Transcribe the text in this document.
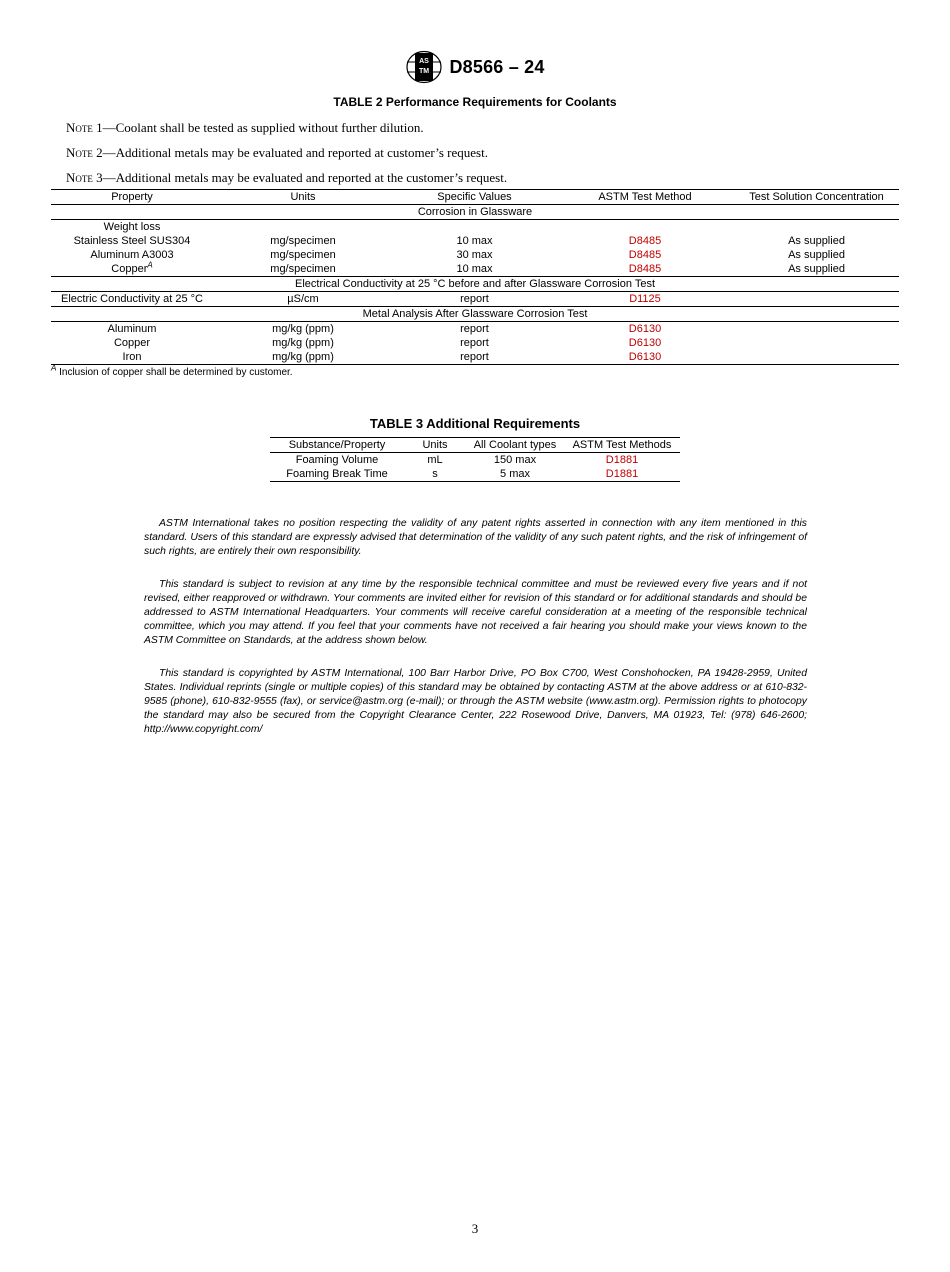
AS
TM D8566 – 24
TABLE 2 Performance Requirements for Coolants
Note 1—Coolant shall be tested as supplied without further dilution.
Note 2—Additional metals may be evaluated and reported at customer’s request.
Note 3—Additional metals may be evaluated and reported at the customer’s request.
Property	Units	Specific Values	ASTM Test Method	Test Solution Concentration
Corrosion in Glassware				
Weight loss				
Stainless Steel SUS304	mg/specimen	10 max	D8485	As supplied
Aluminum A3003	mg/specimen	30 max	D8485	As supplied
Copper$^A$	mg/specimen	10 max	D8485	As supplied
Electrical Conductivity at 25 °C before and after Glassware Corrosion Test				
Electric Conductivity at 25 °C	µS/cm	report	D1125	
Metal Analysis After Glassware Corrosion Test				
Aluminum	mg/kg (ppm)	report	D6130	
Copper	mg/kg (ppm)	report	D6130	
Iron	mg/kg (ppm)	report	D6130	
$^A$ Inclusion of copper shall be determined by customer.
TABLE 3 Additional Requirements
Substance/Property	Units	All Coolant types	ASTM Test Methods
Foaming Volume	mL	150 max	D1881
Foaming Break Time	s	5 max	D1881

ASTM International takes no position respecting the validity of any patent rights asserted in connection with any item mentioned in this standard. Users of this standard are expressly advised that determination of the validity of any such patent rights, and the risk of infringement of such rights, are entirely their own responsibility.

This standard is subject to revision at any time by the responsible technical committee and must be reviewed every five years and if not revised, either reapproved or withdrawn. Your comments are invited either for revision of this standard or for additional standards and should be addressed to ASTM International Headquarters. Your comments will receive careful consideration at a meeting of the responsible technical committee, which you may attend. If you feel that your comments have not received a fair hearing you should make your views known to the ASTM Committee on Standards, at the address shown below.

This standard is copyrighted by ASTM International, 100 Barr Harbor Drive, PO Box C700, West Conshohocken, PA 19428-2959, United States. Individual reprints (single or multiple copies) of this standard may be obtained by contacting ASTM at the above address or at 610-832-9585 (phone), 610-832-9555 (fax), or service@astm.org (e-mail); or through the ASTM website (www.astm.org). Permission rights to photocopy the standard may also be secured from the Copyright Clearance Center, 222 Rosewood Drive, Danvers, MA 01923, Tel: (978) 646-2600; http://www.copyright.com/

3
